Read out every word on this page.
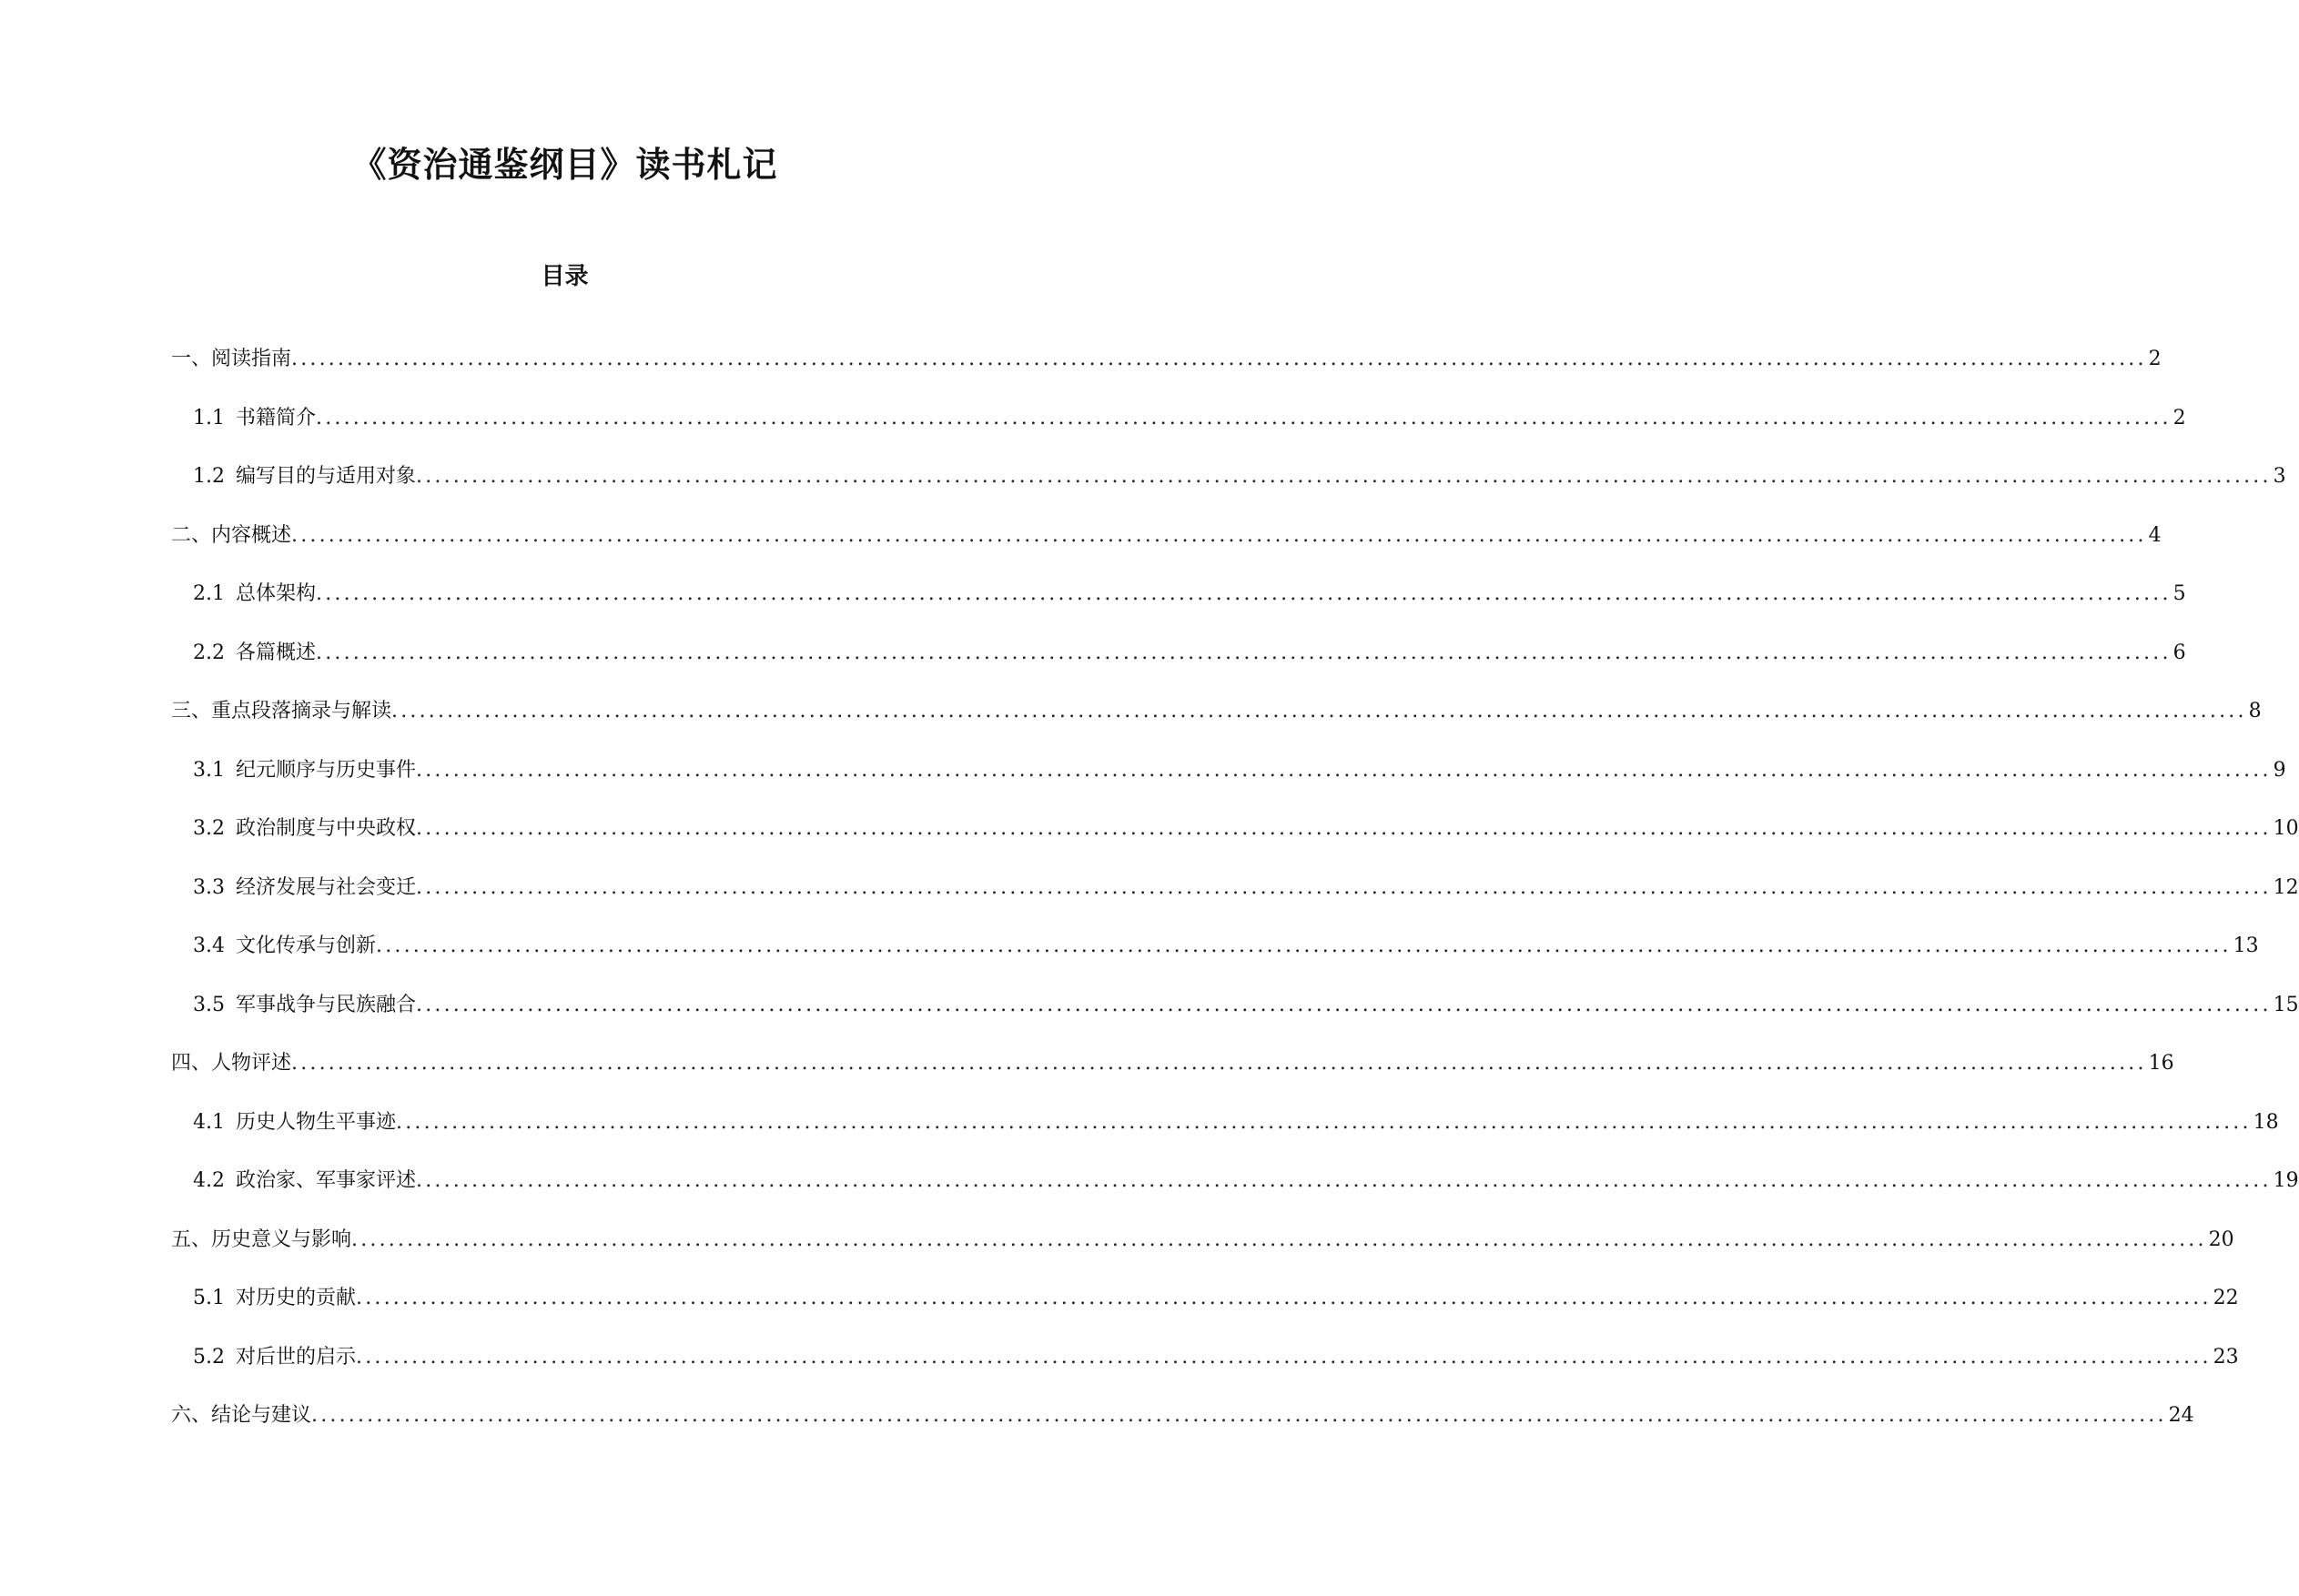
《资治通鉴纲目》读书札记
目录
一、阅读指南 ........................................................................................................................................................................................................ 2
1.1 书籍简介 ........................................................................................................................................................................................................ 2
1.2 编写目的与适用对象 ........................................................................................................................................................................................................ 3
二、内容概述 ........................................................................................................................................................................................................ 4
2.1 总体架构 ........................................................................................................................................................................................................ 5
2.2 各篇概述 ........................................................................................................................................................................................................ 6
三、重点段落摘录与解读 ........................................................................................................................................................................................................ 8
3.1 纪元顺序与历史事件 ........................................................................................................................................................................................................ 9
3.2 政治制度与中央政权 ........................................................................................................................................................................................................ 10
3.3 经济发展与社会变迁 ........................................................................................................................................................................................................ 12
3.4 文化传承与创新 ........................................................................................................................................................................................................ 13
3.5 军事战争与民族融合 ........................................................................................................................................................................................................ 15
四、人物评述 ........................................................................................................................................................................................................ 16
4.1 历史人物生平事迹 ........................................................................................................................................................................................................ 18
4.2 政治家、军事家评述 ........................................................................................................................................................................................................ 19
五、历史意义与影响 ........................................................................................................................................................................................................ 20
5.1 对历史的贡献 ........................................................................................................................................................................................................ 22
5.2 对后世的启示 ........................................................................................................................................................................................................ 23
六、结论与建议 ........................................................................................................................................................................................................ 24
